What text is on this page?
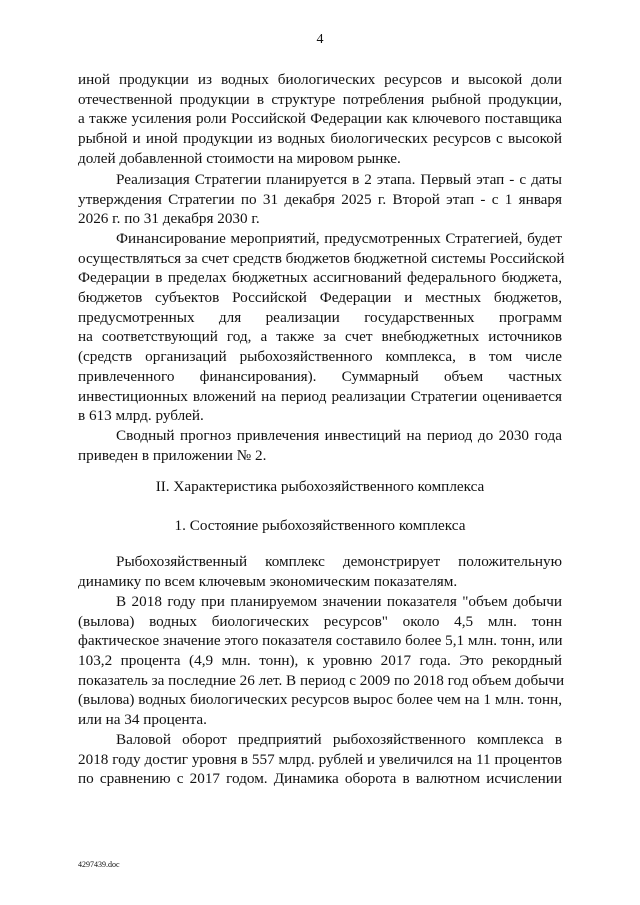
4
иной продукции из водных биологических ресурсов и высокой доли
отечественной продукции в структуре потребления рыбной продукции,
а также усиления роли Российской Федерации как ключевого поставщика
рыбной и иной продукции из водных биологических ресурсов с высокой
долей добавленной стоимости на мировом рынке.
Реализация Стратегии планируется в 2 этапа. Первый этап - с даты
утверждения Стратегии по 31 декабря 2025 г. Второй этап - с 1 января
2026 г. по 31 декабря 2030 г.
Финансирование мероприятий, предусмотренных Стратегией, будет
осуществляться за счет средств бюджетов бюджетной системы Российской
Федерации в пределах бюджетных ассигнований федерального бюджета,
бюджетов субъектов Российской Федерации и местных бюджетов,
предусмотренных для реализации государственных программ
на соответствующий год, а также за счет внебюджетных источников
(средств организаций рыбохозяйственного комплекса, в том числе
привлеченного финансирования). Суммарный объем частных
инвестиционных вложений на период реализации Стратегии оценивается
в 613 млрд. рублей.
Сводный прогноз привлечения инвестиций на период до 2030 года
приведен в приложении № 2.
II. Характеристика рыбохозяйственного комплекса
1. Состояние рыбохозяйственного комплекса
Рыбохозяйственный комплекс демонстрирует положительную
динамику по всем ключевым экономическим показателям.
В 2018 году при планируемом значении показателя "объем добычи
(вылова) водных биологических ресурсов" около 4,5 млн. тонн
фактическое значение этого показателя составило более 5,1 млн. тонн, или
103,2 процента (4,9 млн. тонн), к уровню 2017 года. Это рекордный
показатель за последние 26 лет. В период с 2009 по 2018 год объем добычи
(вылова) водных биологических ресурсов вырос более чем на 1 млн. тонн,
или на 34 процента.
Валовой оборот предприятий рыбохозяйственного комплекса в
2018 году достиг уровня в 557 млрд. рублей и увеличился на 11 процентов
по сравнению с 2017 годом. Динамика оборота в валютном исчислении
4297439.doc
